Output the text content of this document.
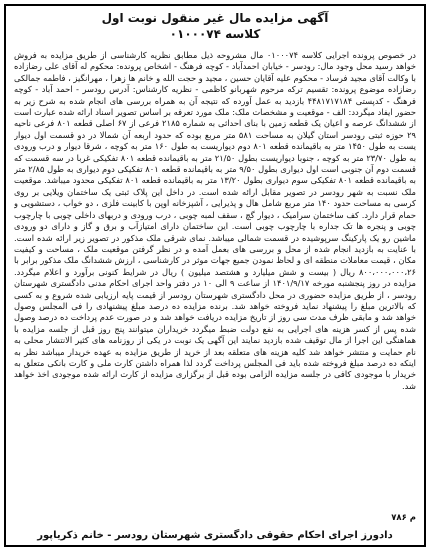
آگهی مزایده مال غیر منقول نوبت اول
کلاسه ۰۱۰۰۰۷۴

در خصوص پرونده اجرایی کلاسه ۰۱۰۰۰۷۴ مال مشروحه ذیل مطابق نظریه کارشناسی از طریق مزایده به فروش خواهد رسید محل وجود مال: رودسر - خیابان احمدآباد - کوچه فرهنگ - اشخاص پرونده: محکوم له آقای علی رضازاده با وکالت آقای مجید فرساد - محکوم علیه آقایان حسین ، مجید و حجت الله و خانم ها زهرا ، مهرانگیز ، فاطمه جمالکی رضازاده موضوع پرونده: تقسیم ترکه مرحوم شهربانو کاظمی - نظریه کارشناس: آدرس رودسر - احمد آباد - کوچه فرهنگ - کدپستی ۴۴۸۱۷۱۷۱۸۴ بازدید به عمل آورده که نتیجه آن به همراه بررسی های انجام شده به شرح زیر به حضور ایفاد میگردد: الف - موقعیت و مشخصات ملک: ملک مورد تعرفه بر اساس تصویر اسناد ارائه شده عبارت است از ششدانگ عرصه و اعیان یک قطعه زمین با بنای احداثی به شماره ۲۱۸۵ فرعی از ۶۷ اصلی قطعه ۸۰۱ فرعی ناحیه ۲۹ حوزه ثبتی رودسر استان گیلان به مساحت ۵۸۱ متر مربع بوده که حدود اربعه آن شمالا در دو قسمت اول دیوار یست به طول ۱۴۵۰ متر به باقیمانده قطعه ۸۰۱ دوم دیواریست به طول ۱۶۰ متر به کوچه ، شرقا دیوار و درب ورودی به طول ۲۳/۷۰ متر به کوچه ، جنوبا دیواریست بطول ۲۱/۵۰ متر به باقیمانده قطعه ۸۰۱ تفکیکی غربا در سه قسمت که قسمت دوم آن جنوبی است اول دیواری بطول ۹/۵۰ متر به باقیمانده قطعه ۸۰۱ تفکیکی دوم دیواری به طول ۲/۸۵ متر به باقیمانده قطعه ۸۰۱ تفکیکی سوم دیواری بطول ۱۳/۲۰ متر به باقیمانده قطعه ۸۰۱ تفکیکی محدود میباشد. موقعیت ملک نسبت به شهر رودسر در تصویر مقابل ارائه شده است. در داخل این پلاک ثبتی یک ساختمان ویلایی بر روی کرسی به مساحت حدود ۱۴۰ متر مربع شامل هال و پذیرایی ، آشپزخانه اوپن با کابینت فلزی ، دو خواب ، دستشویی و حمام قرار دارد. کف ساختمان سرامیک ، دیوار گچ ، سقف لمبه چوبی ، درب ورودی و دربهای داخلی چوبی با چارچوب چوبی و پنجره ها تک جداره با چارچوب چوبی است. این ساختمان دارای امتیازآب و برق و گاز و دارای دو ورودی ماشین رو یک پارکینگ سرپوشیده در قسمت شمالی میباشد. نمای شرقی ملک مذکور در تصویر زیر ارائه شده است. با عنایت به بازدید انجام شده از محل و بررسی های بعمل آمده و در نظر گرفتن موقعیت ملک ، مساحت و کیفیت مکان ، قیمت معاملات منطقه ای و لحاظ نمودن جمیع جهات موثر در کارشناسی ، ارزش ششدانگ ملک مذکور برابر با ۸۰۰،۰۰۰،۰۰۰،۲۶ ریال ( بیست و شش میلیارد و هشتصد میلیون ) ریال در شرایط کنونی برآورد و اعلام میگردد. مزایده در روز پنجشنبه مورخه ۱۴۰۱/۹/۱۷ از ساعت ۹ الی ۱۰ در دفتر واحد اجرای احکام مدنی دادگستری شهرستان رودسر ، از طریق مزایده حضوری در محل دادگستری شهرستان رودسر از قیمت پایه ارزیابی شده شروع و به کسی که بالاترین مبلغ را پیشنهاد نماید فروخته خواهد شد. برنده مزایده ده درصد مبلغ پیشنهادی را فی المجلس وصول خواهد شد و مابقی ظرف مدت سی روز از تاریخ مزایده دریافت خواهد شد و در صورت عدم پرداخت ده درصد وصول شده پس از کسر هزینه های اجرایی به نفع دولت ضبط میگردد خریداران میتوانند پنج روز قبل از جلسه مزایده با هماهنگی این اجرا از مال توقیف شده بازدید نمایند این آگهی یک نوبت در یکی از روزنامه های کثیر الانتشار محلی به نام حمایت و منتشر خواهد شد کلیه هزینه های متعلقه بعد از خرید از طریق مزایده به عهده خریدار میباشد نظر به اینکه ده درصد مبلغ فروخته شده باید فی المجلس پرداخت گردد لذا همراه داشتن کارت ملی و کارت بانکی متعلق به خریدار با موجودی کافی در جلسه مزایده الزامی بوده قبل از برگزاری مزایده از کارت ارائه شده موجودی اخذ خواهد شد.

م ۷۸۶
دادورز اجرای احکام حقوقی دادگستری شهرستان رودسر - خانم ذکریاپور
